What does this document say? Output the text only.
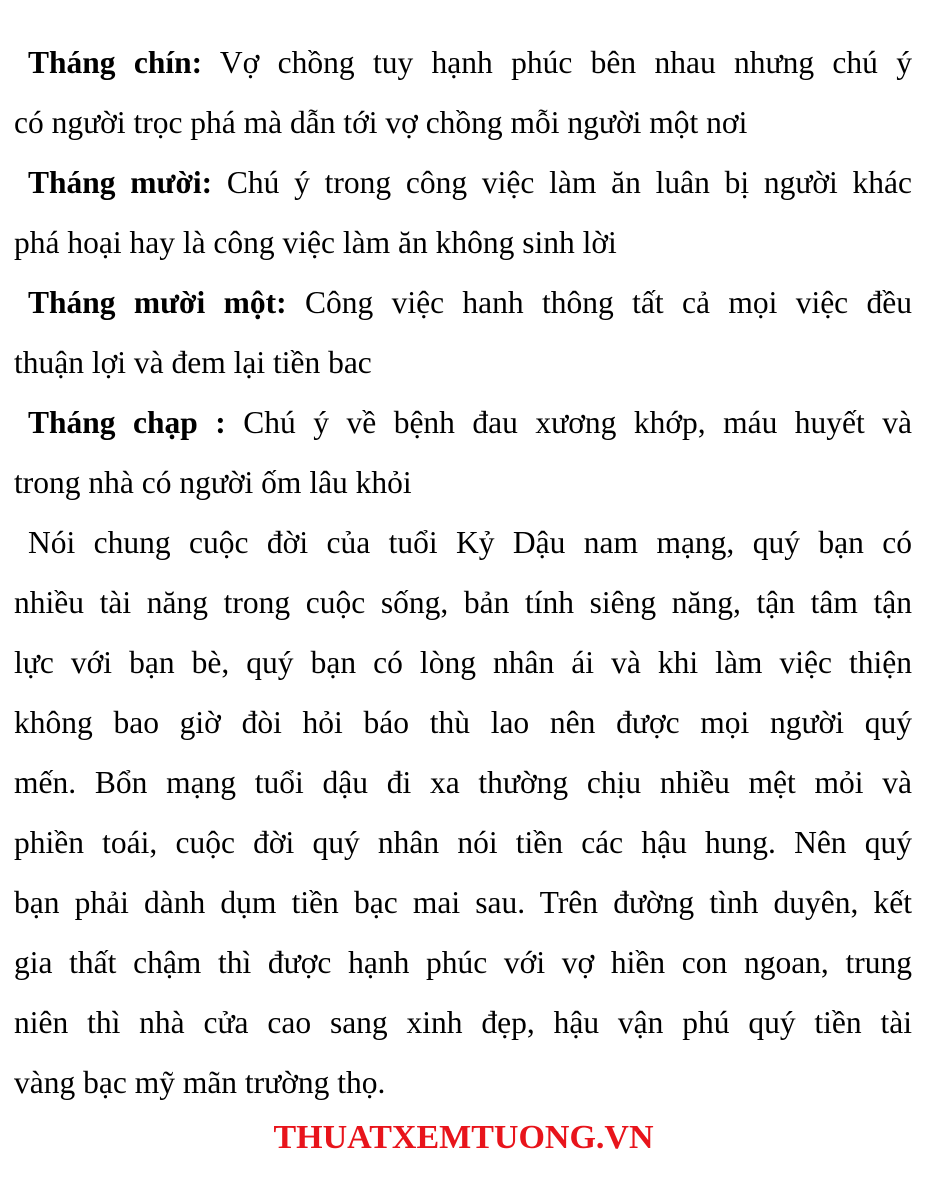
Tháng chín: Vợ chồng tuy hạnh phúc bên nhau nhưng chú ý
có người trọc phá mà dẫn tới vợ chồng mỗi người một nơi
Tháng mười: Chú ý trong công việc làm ăn luân bị người khác
phá hoại hay là công việc làm ăn không sinh lời
Tháng mười một: Công việc hanh thông tất cả mọi việc đều
thuận lợi và đem lại tiền bac
Tháng chạp : Chú ý về bệnh đau xương khớp, máu huyết và
trong nhà có người ốm lâu khỏi
Nói chung cuộc đời của tuổi Kỷ Dậu nam mạng, quý bạn có
nhiều tài năng trong cuộc sống, bản tính siêng năng, tận tâm tận
lực với bạn bè, quý bạn có lòng nhân ái và khi làm việc thiện
không bao giờ đòi hỏi báo thù lao nên được mọi người quý
mến. Bổn mạng tuổi dậu đi xa thường chịu nhiều mệt mỏi và
phiền toái, cuộc đời quý nhân nói tiền các hậu hung. Nên quý
bạn phải dành dụm tiền bạc mai sau. Trên đường tình duyên, kết
gia thất chậm thì được hạnh phúc với vợ hiền con ngoan, trung
niên thì nhà cửa cao sang xinh đẹp, hậu vận phú quý tiền tài
vàng bạc mỹ mãn trường thọ.
THUATXEMTUONG.VN
